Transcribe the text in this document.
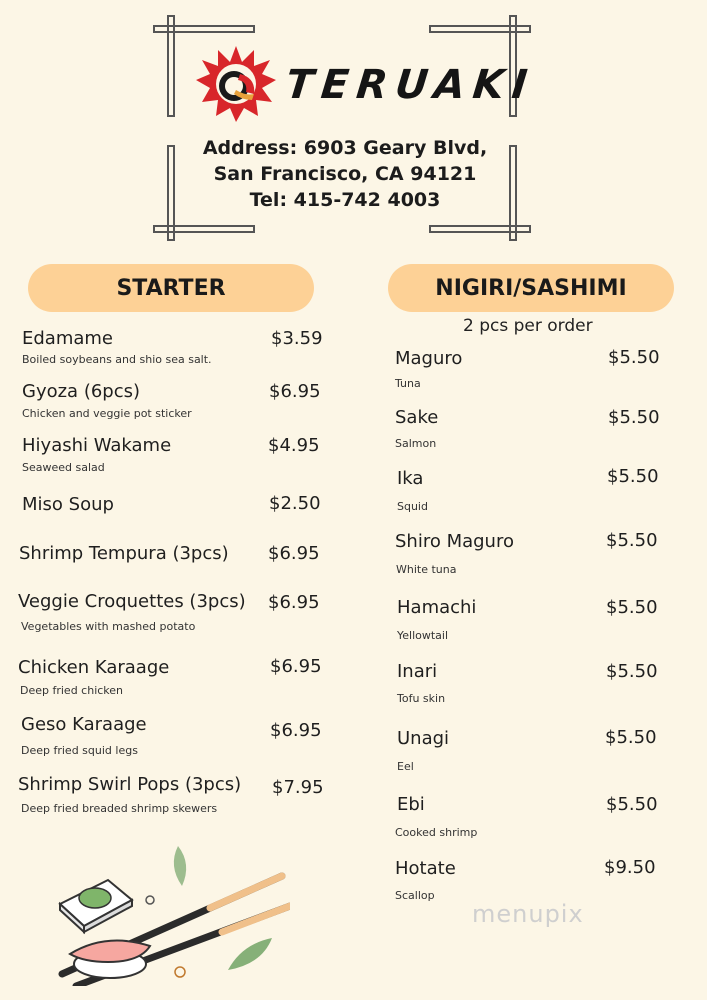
TERUAKI
Address: 6903 Geary Blvd,
San Francisco, CA 94121
Tel: 415-742 4003
STARTER
Edamame	$3.59
Boiled soybeans and shio sea salt.
Gyoza (6pcs)	$6.95
Chicken and veggie pot sticker
Hiyashi Wakame	$4.95
Seaweed salad
Miso Soup	$2.50
Shrimp Tempura (3pcs) $6.95
Veggie Croquettes (3pcs) $6.95
Vegetables with mashed potato
Chicken Karaage	$6.95
Deep fried chicken
Geso Karaage	$6.95
Deep fried squid legs
Shrimp Swirl Pops (3pcs) $7.95
Deep fried breaded shrimp skewers
NIGIRI/SASHIMI
2 pcs per order
Maguro	$5.50
Tuna
Sake	$5.50
Salmon
Ika	$5.50
Squid
Shiro Maguro	$5.50
White tuna
Hamachi	$5.50
Yellowtail
Inari	$5.50
Tofu skin
Unagi	$5.50
Eel
Ebi	$5.50
Cooked shrimp
Hotate	$9.50
Scallop
menupix
